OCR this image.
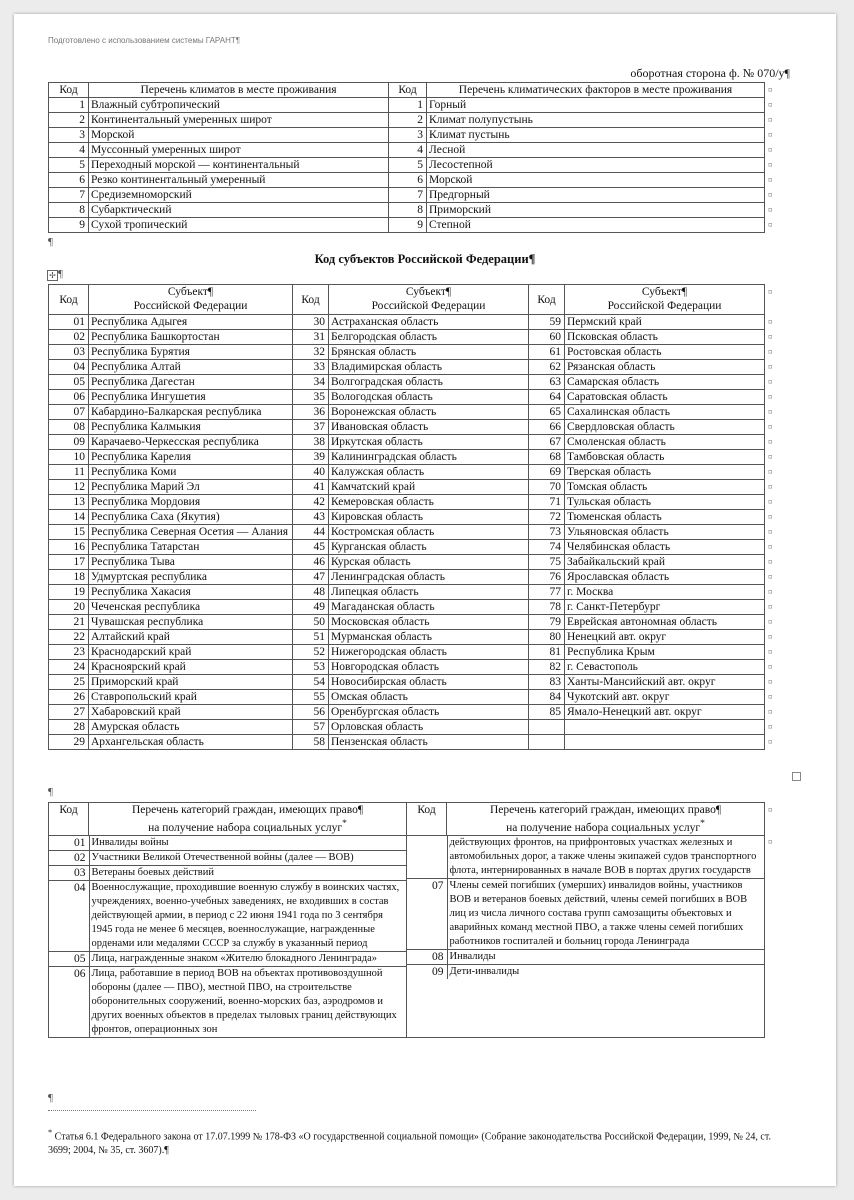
Подготовлено с использованием системы ГАРАНТ¶
оборотная сторона ф. № 070/у¶
Код	Перечень климатов в месте проживания	Код	Перечень климатических факторов в месте проживания	¤
1	Влажный субтропический	1	Горный	¤
2	Континентальный умеренных широт	2	Климат полупустынь	¤
3	Морской	3	Климат пустынь	¤
4	Муссонный умеренных широт	4	Лесной	¤
5	Переходный морской — континентальный	5	Лесостепной	¤
6	Резко континентальный умеренный	6	Морской	¤
7	Средиземноморский	7	Предгорный	¤
8	Субарктический	8	Приморский	¤
9	Сухой тропический	9	Степной	¤
¶
Код субъектов Российской Федерации¶
✢ ¶
Код	Субъект¶
Российской Федерации	Код	Субъект¶
Российской Федерации	Код	Субъект¶
Российской Федерации	¤
01	Республика Адыгея	30	Астраханская область	59	Пермский край	¤
02	Республика Башкортостан	31	Белгородская область	60	Псковская область	¤
03	Республика Бурятия	32	Брянская область	61	Ростовская область	¤
04	Республика Алтай	33	Владимирская область	62	Рязанская область	¤
05	Республика Дагестан	34	Волгоградская область	63	Самарская область	¤
06	Республика Ингушетия	35	Вологодская область	64	Саратовская область	¤
07	Кабардино-Балкарская республика	36	Воронежская область	65	Сахалинская область	¤
08	Республика Калмыкия	37	Ивановская область	66	Свердловская область	¤
09	Карачаево-Черкесская республика	38	Иркутская область	67	Смоленская область	¤
10	Республика Карелия	39	Калининградская область	68	Тамбовская область	¤
11	Республика Коми	40	Калужская область	69	Тверская область	¤
12	Республика Марий Эл	41	Камчатский край	70	Томская область	¤
13	Республика Мордовия	42	Кемеровская область	71	Тульская область	¤
14	Республика Саха (Якутия)	43	Кировская область	72	Тюменская область	¤
15	Республика Северная Осетия — Алания	44	Костромская область	73	Ульяновская область	¤
16	Республика Татарстан	45	Курганская область	74	Челябинская область	¤
17	Республика Тыва	46	Курская область	75	Забайкальский край	¤
18	Удмуртская республика	47	Ленинградская область	76	Ярославская область	¤
19	Республика Хакасия	48	Липецкая область	77	г. Москва	¤
20	Чеченская республика	49	Магаданская область	78	г. Санкт-Петербург	¤
21	Чувашская республика	50	Московская область	79	Еврейская автономная область	¤
22	Алтайский край	51	Мурманская область	80	Ненецкий авт. округ	¤
23	Краснодарский край	52	Нижегородская область	81	Республика Крым	¤
24	Красноярский край	53	Новгородская область	82	г. Севастополь	¤
25	Приморский край	54	Новосибирская область	83	Ханты-Мансийский авт. округ	¤
26	Ставропольский край	55	Омская область	84	Чукотский авт. округ	¤
27	Хабаровский край	56	Оренбургская область	85	Ямало-Ненецкий авт. округ	¤
28	Амурская область	57	Орловская область			¤
29	Архангельская область	58	Пензенская область			¤
¶
Код	Перечень категорий граждан, имеющих право¶
на получение набора социальных услуг*	Код	Перечень категорий граждан, имеющих право¶
на получение набора социальных услуг*	¤

01	Инвалиды войны
02	Участники Великой Отечественной войны (далее — ВОВ)
03	Ветераны боевых действий
04	Военнослужащие, проходившие военную службу в воинских частях, учреждениях, военно-учебных заведениях, не входивших в состав действующей армии, в период с 22 июня 1941 года по 3 сентября 1945 года не менее 6 месяцев, военнослужащие, награжденные орденами или медалями СССР за службу в указанный период
05	Лица, награжденные знаком «Жителю блокадного Ленинграда»
06	Лица, работавшие в период ВОВ на объектах противовоздушной обороны (далее — ПВО), местной ПВО, на строительстве оборонительных сооружений, военно-морских баз, аэродромов и других военных объектов в пределах тыловых границ действующих фронтов, операционных зон

	действующих фронтов, на прифронтовых участках железных и автомобильных дорог, а также члены экипажей судов транспортного флота, интернированных в начале ВОВ в портах других государств
07	Члены семей погибших (умерших) инвалидов войны, участников ВОВ и ветеранов боевых действий, члены семей погибших в ВОВ лиц из числа личного состава групп самозащиты объектовых и аварийных команд местной ПВО, а также члены семей погибших работников госпиталей и больниц города Ленинграда
08	Инвалиды
09	Дети-инвалиды
	¤
¶
* Статья 6.1 Федерального закона от 17.07.1999 № 178-ФЗ «О государственной социальной помощи» (Собрание законодательства Российской Федерации, 1999, № 24, ст. 3699; 2004, № 35, ст. 3607).¶
